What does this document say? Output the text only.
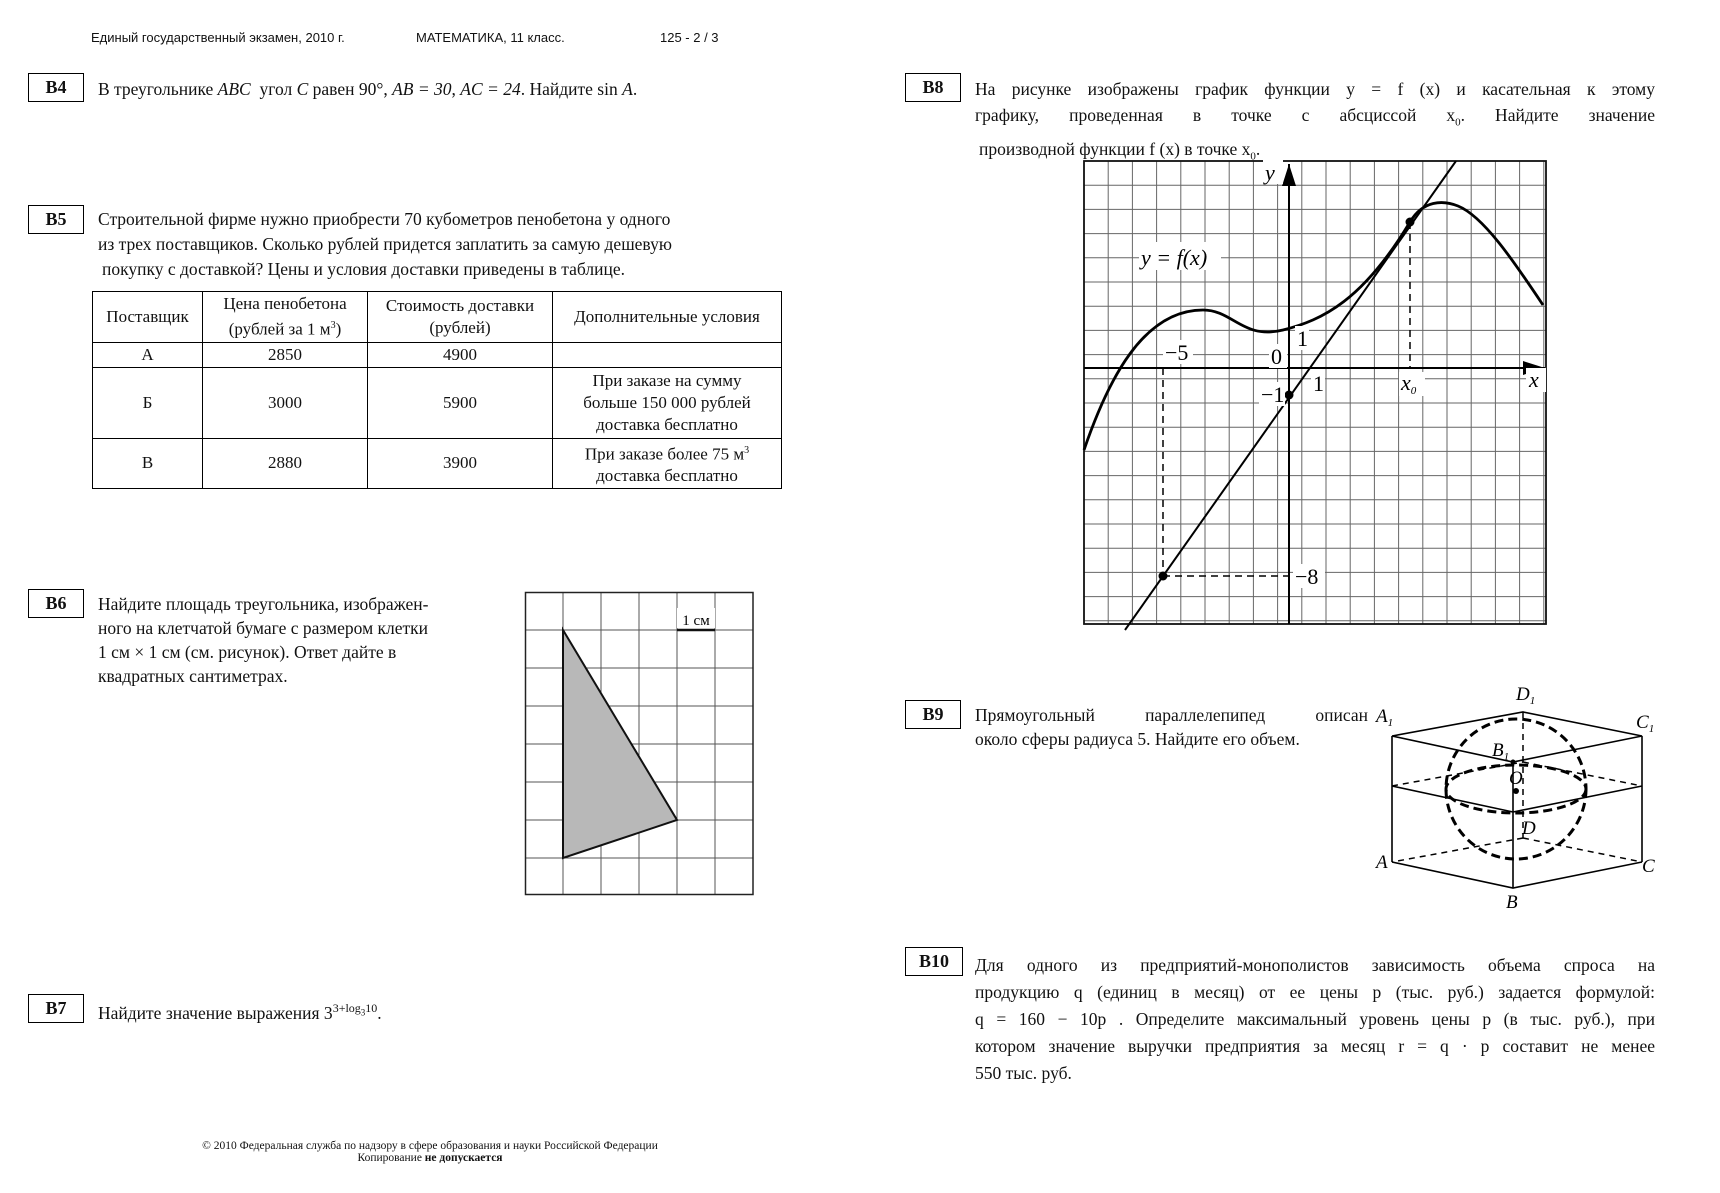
Единый государственный экзамен, 2010 г.	МАТЕМАТИКА, 11 класс.	125 - 2 / 3
B4	В треугольнике ABC угол C равен 90°, AB = 30, AC = 24. Найдите sin A.
B5	Строительной фирме нужно приобрести 70 кубометров пенобетона у одного
из трех поставщиков. Сколько рублей придется заплатить за самую дешевую
покупку с доставкой? Цены и условия доставки приведены в таблице.
Поставщик	Цена пенобетона (рублей за 1 $м^3$)	Стоимость доставки (рублей)	Дополнительные условия
А	2850	4900	
Б	3000	5900	При заказе на сумму больше 150 000 рублей доставка бесплатно
В	2880	3900	При заказе более 75 $м^3$
доставка бесплатно
B6	Найдите площадь треугольника, изображен-
ного на клетчатой бумаге с размером клетки
1 см × 1 см (см. рисунок). Ответ дайте в
квадратных сантиметрах.
1 см
B7	Найдите значение выражения $3^{3+log_310}$.
B8	На рисунке изображены график функции y = f (x) и касательная к этому
графику, проведенная в точке с абсциссой $x_0$. Найдите значение
производной функции f (x) в точке $x_0$.
y = f(x)
y
x
−5	0
1
1
−1
−8
x0
B9	Прямоугольный параллелепипед описан
около сферы радиуса 5. Найдите его объем.
$A_1$
$D_1$
$C_1$
$B_1$
O
D
A
B
C
B10	Для одного из предприятий-монополистов зависимость объема спроса на
продукцию q (единиц в месяц) от ее цены p (тыс. руб.) задается формулой:
q = 160 − 10p . Определите максимальный уровень цены p (в тыс. руб.), при
котором значение выручки предприятия за месяц r = q · p составит не менее
550 тыс. руб.
© 2010 Федеральная служба по надзору в сфере образования и науки Российской Федерации
Копирование не допускается
